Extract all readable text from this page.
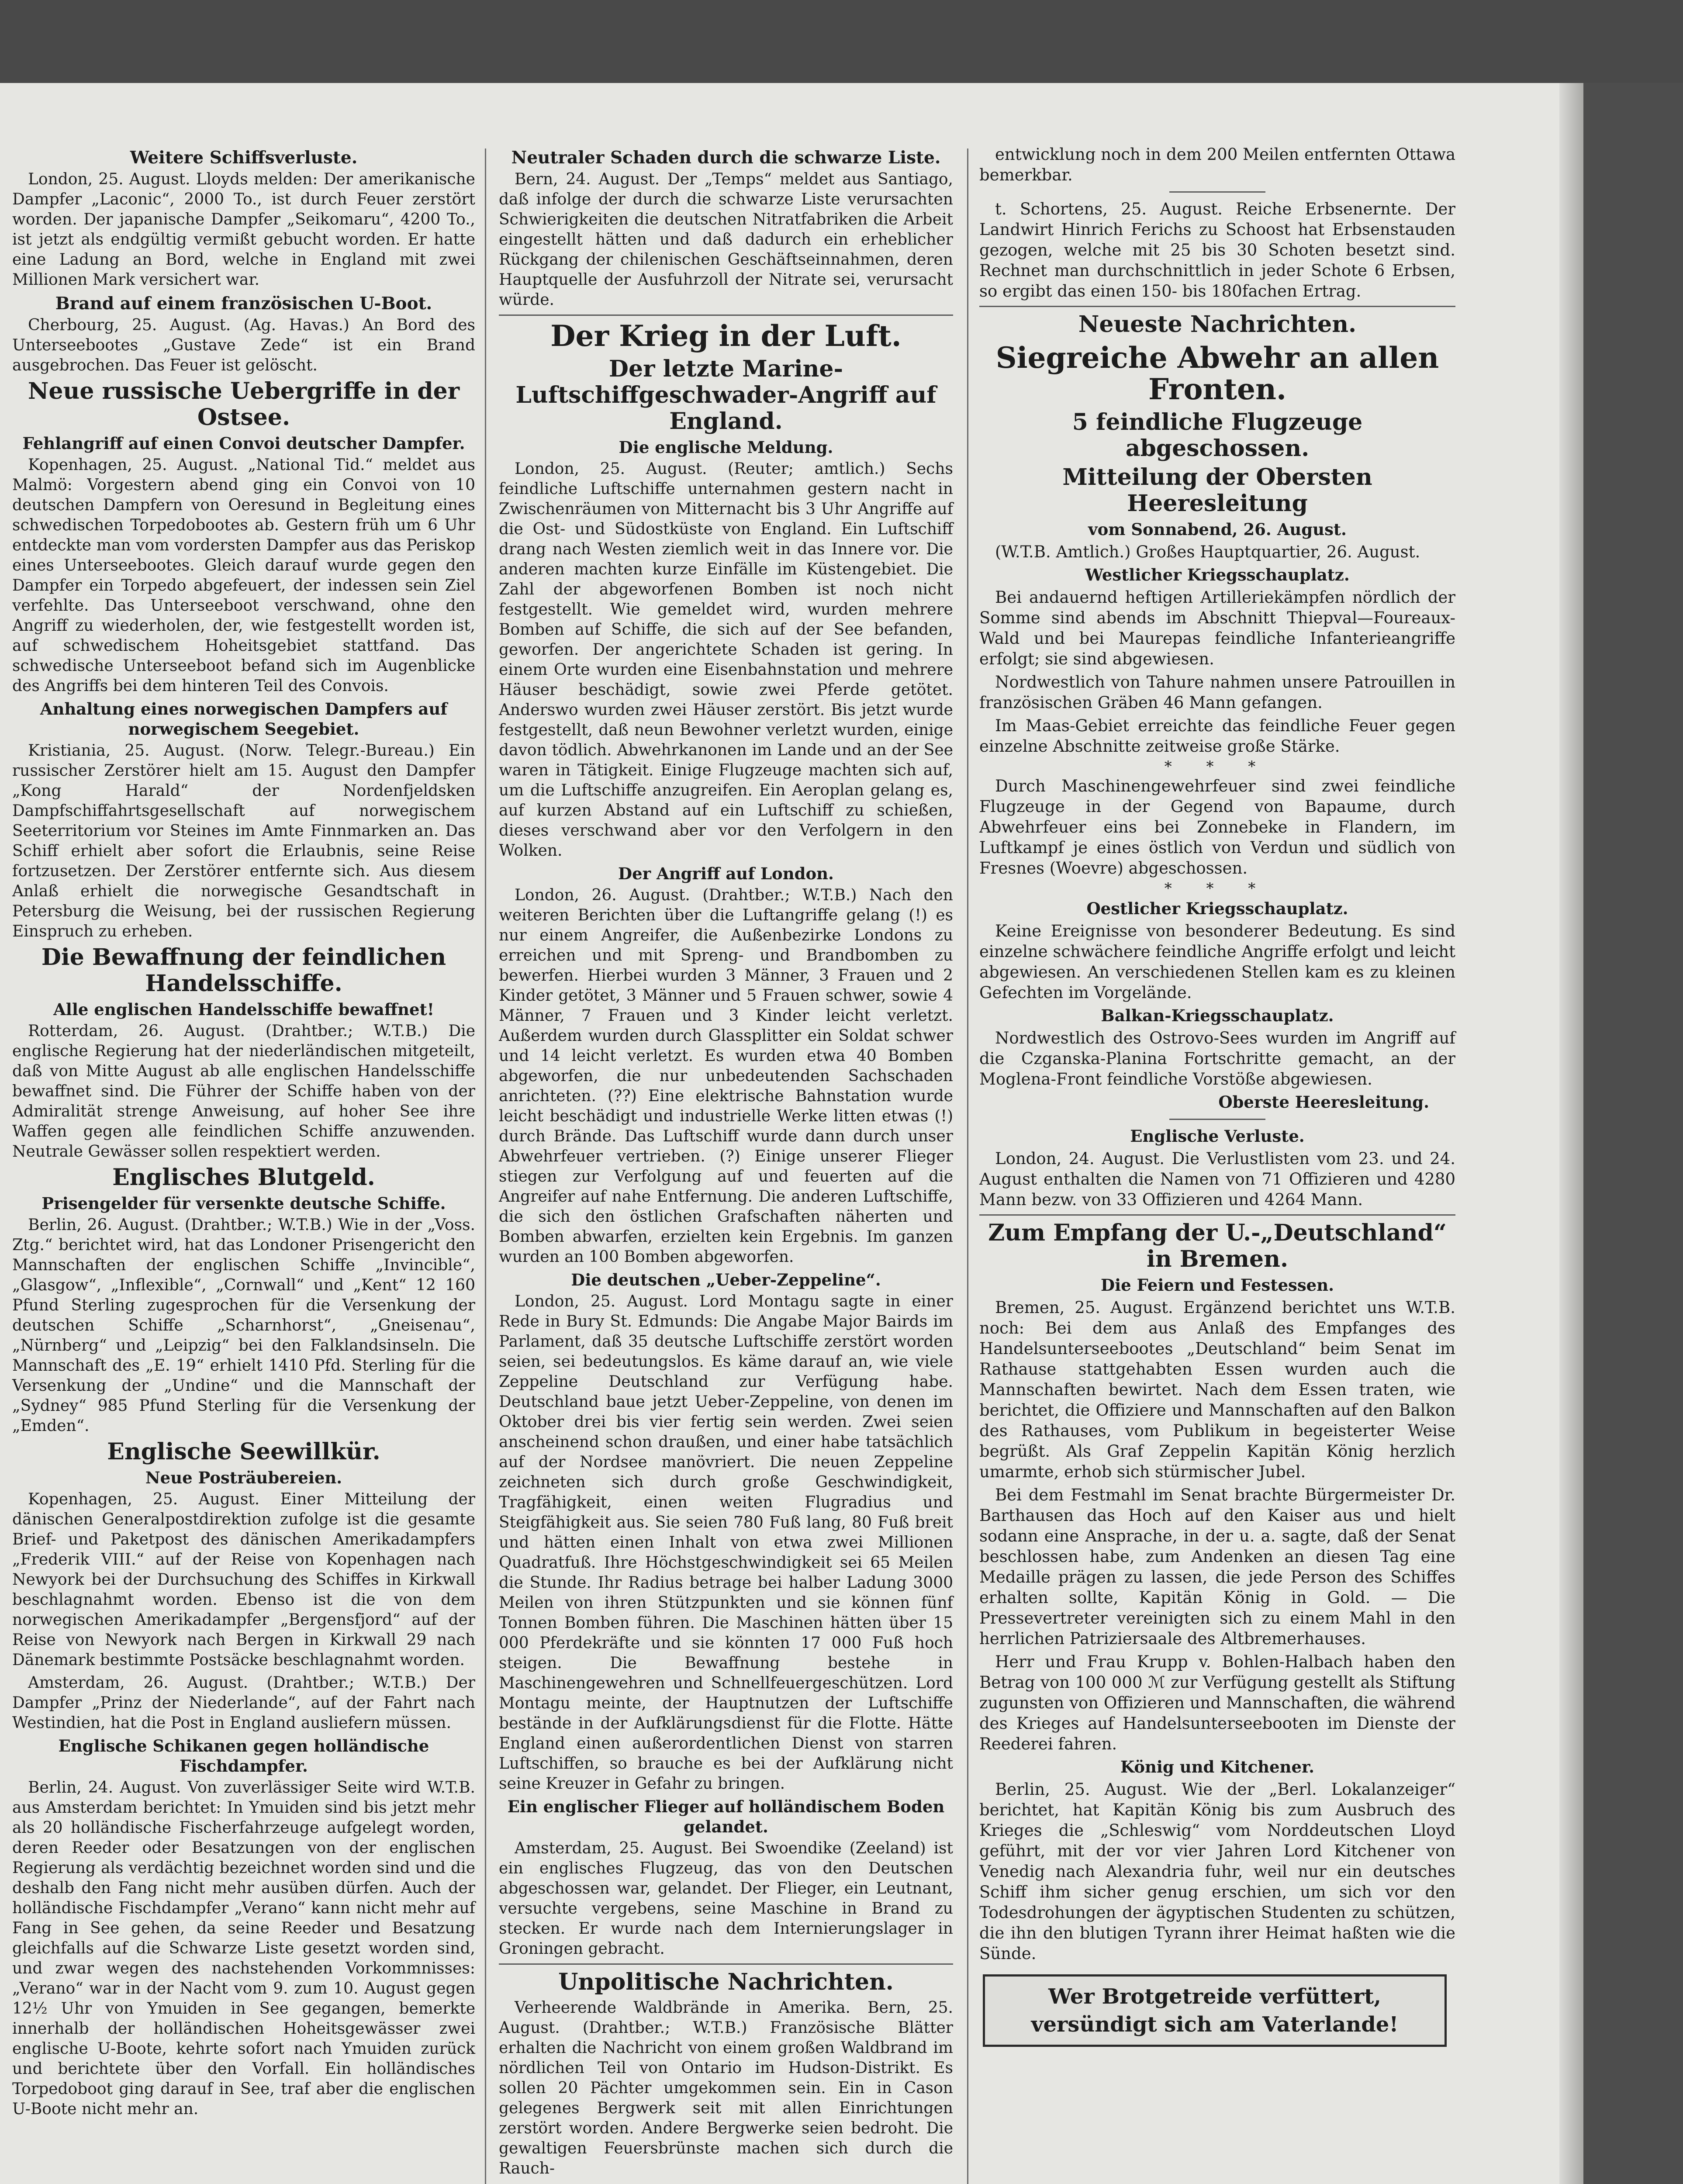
Weitere Schiffsverluste.

London, 25. August. Lloyds melden: Der amerikanische Dampfer „Laconic“, 2000 To., ist durch Feuer zerstört worden. Der japanische Dampfer „Seikomaru“, 4200 To., ist jetzt als endgültig vermißt gebucht worden. Er hatte eine Ladung an Bord, welche in England mit zwei Millionen Mark versichert war.

Brand auf einem französischen U-Boot.

Cherbourg, 25. August. (Ag. Havas.) An Bord des Unterseebootes „Gustave Zede“ ist ein Brand ausgebrochen. Das Feuer ist gelöscht.

Neue russische Uebergriffe in der Ostsee.
Fehlangriff auf einen Convoi deutscher Dampfer.

Kopenhagen, 25. August. „National Tid.“ meldet aus Malmö: Vorgestern abend ging ein Convoi von 10 deutschen Dampfern von Oeresund in Begleitung eines schwedischen Torpedobootes ab. Gestern früh um 6 Uhr entdeckte man vom vordersten Dampfer aus das Periskop eines Unterseebootes. Gleich darauf wurde gegen den Dampfer ein Torpedo abgefeuert, der indessen sein Ziel verfehlte. Das Unterseeboot verschwand, ohne den Angriff zu wiederholen, der, wie festgestellt worden ist, auf schwedischem Hoheitsgebiet stattfand. Das schwedische Unterseeboot befand sich im Augenblicke des Angriffs bei dem hinteren Teil des Convois.

Anhaltung eines norwegischen Dampfers auf norwegischem Seegebiet.

Kristiania, 25. August. (Norw. Telegr.-Bureau.) Ein russischer Zerstörer hielt am 15. August den Dampfer „Kong Harald“ der Nordenfjeldsken Dampfschiffahrtsgesellschaft auf norwegischem Seeterritorium vor Steines im Amte Finnmarken an. Das Schiff erhielt aber sofort die Erlaubnis, seine Reise fortzusetzen. Der Zerstörer entfernte sich. Aus diesem Anlaß erhielt die norwegische Gesandtschaft in Petersburg die Weisung, bei der russischen Regierung Einspruch zu erheben.

Die Bewaffnung der feindlichen Handelsschiffe.
Alle englischen Handelsschiffe bewaffnet!

Rotterdam, 26. August. (Drahtber.; W.T.B.) Die englische Regierung hat der niederländischen mitgeteilt, daß von Mitte August ab alle englischen Handelsschiffe bewaffnet sind. Die Führer der Schiffe haben von der Admiralität strenge Anweisung, auf hoher See ihre Waffen gegen alle feindlichen Schiffe anzuwenden. Neutrale Gewässer sollen respektiert werden.

Englisches Blutgeld.
Prisengelder für versenkte deutsche Schiffe.

Berlin, 26. August. (Drahtber.; W.T.B.) Wie in der „Voss. Ztg.“ berichtet wird, hat das Londoner Prisengericht den Mannschaften der englischen Schiffe „Invincible“, „Glasgow“, „Inflexible“, „Cornwall“ und „Kent“ 12 160 Pfund Sterling zugesprochen für die Versenkung der deutschen Schiffe „Scharnhorst“, „Gneisenau“, „Nürnberg“ und „Leipzig“ bei den Falklandsinseln. Die Mannschaft des „E. 19“ erhielt 1410 Pfd. Sterling für die Versenkung der „Undine“ und die Mannschaft der „Sydney“ 985 Pfund Sterling für die Versenkung der „Emden“.

Englische Seewillkür.
Neue Posträubereien.

Kopenhagen, 25. August. Einer Mitteilung der dänischen Generalpostdirektion zufolge ist die gesamte Brief- und Paketpost des dänischen Amerikadampfers „Frederik VIII.“ auf der Reise von Kopenhagen nach Newyork bei der Durchsuchung des Schiffes in Kirkwall beschlagnahmt worden. Ebenso ist die von dem norwegischen Amerikadampfer „Bergensfjord“ auf der Reise von Newyork nach Bergen in Kirkwall 29 nach Dänemark bestimmte Postsäcke beschlagnahmt worden.

Amsterdam, 26. August. (Drahtber.; W.T.B.) Der Dampfer „Prinz der Niederlande“, auf der Fahrt nach Westindien, hat die Post in England ausliefern müssen.

Englische Schikanen gegen holländische Fischdampfer.

Berlin, 24. August. Von zuverlässiger Seite wird W.T.B. aus Amsterdam berichtet: In Ymuiden sind bis jetzt mehr als 20 holländische Fischerfahrzeuge aufgelegt worden, deren Reeder oder Besatzungen von der englischen Regierung als verdächtig bezeichnet worden sind und die deshalb den Fang nicht mehr ausüben dürfen. Auch der holländische Fischdampfer „Verano“ kann nicht mehr auf Fang in See gehen, da seine Reeder und Besatzung gleichfalls auf die Schwarze Liste gesetzt worden sind, und zwar wegen des nachstehenden Vorkommnisses: „Verano“ war in der Nacht vom 9. zum 10. August gegen 12½ Uhr von Ymuiden in See gegangen, bemerkte innerhalb der holländischen Hoheitsgewässer zwei englische U-Boote, kehrte sofort nach Ymuiden zurück und berichtete über den Vorfall. Ein holländisches Torpedoboot ging darauf in See, traf aber die englischen U-Boote nicht mehr an.

Neutraler Schaden durch die schwarze Liste.

Bern, 24. August. Der „Temps“ meldet aus Santiago, daß infolge der durch die schwarze Liste verursachten Schwierigkeiten die deutschen Nitratfabriken die Arbeit eingestellt hätten und daß dadurch ein erheblicher Rückgang der chilenischen Geschäftseinnahmen, deren Hauptquelle der Ausfuhrzoll der Nitrate sei, verursacht würde.

Der Krieg in der Luft.
Der letzte Marine-Luftschiffgeschwader-Angriff auf England.
Die englische Meldung.

London, 25. August. (Reuter; amtlich.) Sechs feindliche Luftschiffe unternahmen gestern nacht in Zwischenräumen von Mitternacht bis 3 Uhr Angriffe auf die Ost- und Südostküste von England. Ein Luftschiff drang nach Westen ziemlich weit in das Innere vor. Die anderen machten kurze Einfälle im Küstengebiet. Die Zahl der abgeworfenen Bomben ist noch nicht festgestellt. Wie gemeldet wird, wurden mehrere Bomben auf Schiffe, die sich auf der See befanden, geworfen. Der angerichtete Schaden ist gering. In einem Orte wurden eine Eisenbahnstation und mehrere Häuser beschädigt, sowie zwei Pferde getötet. Anderswo wurden zwei Häuser zerstört. Bis jetzt wurde festgestellt, daß neun Bewohner verletzt wurden, einige davon tödlich. Abwehrkanonen im Lande und an der See waren in Tätigkeit. Einige Flugzeuge machten sich auf, um die Luftschiffe anzugreifen. Ein Aeroplan gelang es, auf kurzen Abstand auf ein Luftschiff zu schießen, dieses verschwand aber vor den Verfolgern in den Wolken.

Der Angriff auf London.

London, 26. August. (Drahtber.; W.T.B.) Nach den weiteren Berichten über die Luftangriffe gelang (!) es nur einem Angreifer, die Außenbezirke Londons zu erreichen und mit Spreng- und Brandbomben zu bewerfen. Hierbei wurden 3 Männer, 3 Frauen und 2 Kinder getötet, 3 Männer und 5 Frauen schwer, sowie 4 Männer, 7 Frauen und 3 Kinder leicht verletzt. Außerdem wurden durch Glassplitter ein Soldat schwer und 14 leicht verletzt. Es wurden etwa 40 Bomben abgeworfen, die nur unbedeutenden Sachschaden anrichteten. (??) Eine elektrische Bahnstation wurde leicht beschädigt und industrielle Werke litten etwas (!) durch Brände. Das Luftschiff wurde dann durch unser Abwehrfeuer vertrieben. (?) Einige unserer Flieger stiegen zur Verfolgung auf und feuerten auf die Angreifer auf nahe Entfernung. Die anderen Luftschiffe, die sich den östlichen Grafschaften näherten und Bomben abwarfen, erzielten kein Ergebnis. Im ganzen wurden an 100 Bomben abgeworfen.

Die deutschen „Ueber-Zeppeline“.

London, 25. August. Lord Montagu sagte in einer Rede in Bury St. Edmunds: Die Angabe Major Bairds im Parlament, daß 35 deutsche Luftschiffe zerstört worden seien, sei bedeutungslos. Es käme darauf an, wie viele Zeppeline Deutschland zur Verfügung habe. Deutschland baue jetzt Ueber-Zeppeline, von denen im Oktober drei bis vier fertig sein werden. Zwei seien anscheinend schon draußen, und einer habe tatsächlich auf der Nordsee manövriert. Die neuen Zeppeline zeichneten sich durch große Geschwindigkeit, Tragfähigkeit, einen weiten Flugradius und Steigfähigkeit aus. Sie seien 780 Fuß lang, 80 Fuß breit und hätten einen Inhalt von etwa zwei Millionen Quadratfuß. Ihre Höchstgeschwindigkeit sei 65 Meilen die Stunde. Ihr Radius betrage bei halber Ladung 3000 Meilen von ihren Stützpunkten und sie können fünf Tonnen Bomben führen. Die Maschinen hätten über 15 000 Pferdekräfte und sie könnten 17 000 Fuß hoch steigen. Die Bewaffnung bestehe in Maschinengewehren und Schnellfeuergeschützen. Lord Montagu meinte, der Hauptnutzen der Luftschiffe bestände in der Aufklärungsdienst für die Flotte. Hätte England einen außerordentlichen Dienst von starren Luftschiffen, so brauche es bei der Aufklärung nicht seine Kreuzer in Gefahr zu bringen.

Ein englischer Flieger auf holländischem Boden gelandet.

Amsterdam, 25. August. Bei Swoendike (Zeeland) ist ein englisches Flugzeug, das von den Deutschen abgeschossen war, gelandet. Der Flieger, ein Leutnant, versuchte vergebens, seine Maschine in Brand zu stecken. Er wurde nach dem Internierungslager in Groningen gebracht.

Unpolitische Nachrichten.

Verheerende Waldbrände in Amerika. Bern, 25. August. (Drahtber.; W.T.B.) Französische Blätter erhalten die Nachricht von einem großen Waldbrand im nördlichen Teil von Ontario im Hudson-Distrikt. Es sollen 20 Pächter umgekommen sein. Ein in Cason gelegenes Bergwerk seit mit allen Einrichtungen zerstört worden. Andere Bergwerke seien bedroht. Die gewaltigen Feuersbrünste machen sich durch die Rauch-

entwicklung noch in dem 200 Meilen entfernten Ottawa bemerkbar.

t. Schortens, 25. August. Reiche Erbsenernte. Der Landwirt Hinrich Ferichs zu Schoost hat Erbsenstauden gezogen, welche mit 25 bis 30 Schoten besetzt sind. Rechnet man durchschnittlich in jeder Schote 6 Erbsen, so ergibt das einen 150- bis 180fachen Ertrag.

Neueste Nachrichten.
Siegreiche Abwehr an allen Fronten.
5 feindliche Flugzeuge abgeschossen.
Mitteilung der Obersten Heeresleitung
vom Sonnabend, 26. August.

(W.T.B. Amtlich.) Großes Hauptquartier, 26. August.

Westlicher Kriegsschauplatz.

Bei andauernd heftigen Artilleriekämpfen nördlich der Somme sind abends im Abschnitt Thiepval—Foureaux-Wald und bei Maurepas feindliche Infanterieangriffe erfolgt; sie sind abgewiesen.

Nordwestlich von Tahure nahmen unsere Patrouillen in französischen Gräben 46 Mann gefangen.

Im Maas-Gebiet erreichte das feindliche Feuer gegen einzelne Abschnitte zeitweise große Stärke.

* * *

Durch Maschinengewehrfeuer sind zwei feindliche Flugzeuge in der Gegend von Bapaume, durch Abwehrfeuer eins bei Zonnebeke in Flandern, im Luftkampf je eines östlich von Verdun und südlich von Fresnes (Woevre) abgeschossen.

* * *
Oestlicher Kriegsschauplatz.

Keine Ereignisse von besonderer Bedeutung. Es sind einzelne schwächere feindliche Angriffe erfolgt und leicht abgewiesen. An verschiedenen Stellen kam es zu kleinen Gefechten im Vorgelände.

Balkan-Kriegsschauplatz.

Nordwestlich des Ostrovo-Sees wurden im Angriff auf die Czganska-Planina Fortschritte gemacht, an der Moglena-Front feindliche Vorstöße abgewiesen.

Oberste Heeresleitung.
Englische Verluste.

London, 24. August. Die Verlustlisten vom 23. und 24. August enthalten die Namen von 71 Offizieren und 4280 Mann bezw. von 33 Offizieren und 4264 Mann.

Zum Empfang der U.-„Deutschland“ in Bremen.
Die Feiern und Festessen.

Bremen, 25. August. Ergänzend berichtet uns W.T.B. noch: Bei dem aus Anlaß des Empfanges des Handelsunterseebootes „Deutschland“ beim Senat im Rathause stattgehabten Essen wurden auch die Mannschaften bewirtet. Nach dem Essen traten, wie berichtet, die Offiziere und Mannschaften auf den Balkon des Rathauses, vom Publikum in begeisterter Weise begrüßt. Als Graf Zeppelin Kapitän König herzlich umarmte, erhob sich stürmischer Jubel.

Bei dem Festmahl im Senat brachte Bürgermeister Dr. Barthausen das Hoch auf den Kaiser aus und hielt sodann eine Ansprache, in der u. a. sagte, daß der Senat beschlossen habe, zum Andenken an diesen Tag eine Medaille prägen zu lassen, die jede Person des Schiffes erhalten sollte, Kapitän König in Gold. — Die Pressevertreter vereinigten sich zu einem Mahl in den herrlichen Patriziersaale des Altbremerhauses.

Herr und Frau Krupp v. Bohlen-Halbach haben den Betrag von 100 000 ℳ zur Verfügung gestellt als Stiftung zugunsten von Offizieren und Mannschaften, die während des Krieges auf Handelsunterseebooten im Dienste der Reederei fahren.

König und Kitchener.

Berlin, 25. August. Wie der „Berl. Lokalanzeiger“ berichtet, hat Kapitän König bis zum Ausbruch des Krieges die „Schleswig“ vom Norddeutschen Lloyd geführt, mit der vor vier Jahren Lord Kitchener von Venedig nach Alexandria fuhr, weil nur ein deutsches Schiff ihm sicher genug erschien, um sich vor den Todesdrohungen der ägyptischen Studenten zu schützen, die ihn den blutigen Tyrann ihrer Heimat haßten wie die Sünde.

Wer Brotgetreide verfüttert,
versündigt sich am Vaterlande!
